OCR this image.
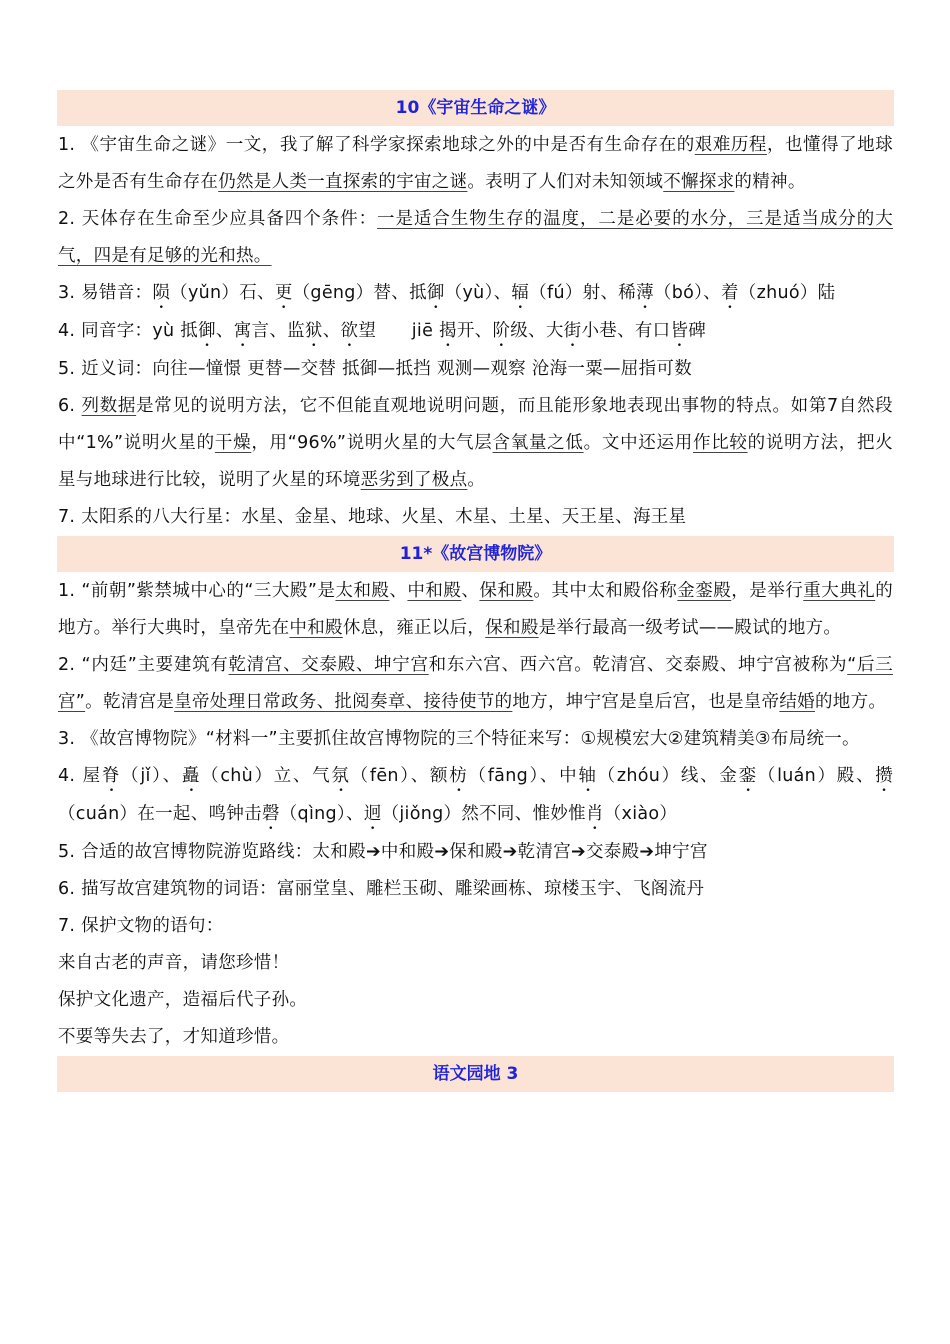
10《宇宙生命之谜》
1. 《宇宙生命之谜》一文，我了解了科学家探索地球之外的中是否有生命存在的艰难历程，也懂得了地球之外是否有生命存在仍然是人类一直探索的宇宙之谜。表明了人们对未知领域不懈探求的精神。
2. 天体存在生命至少应具备四个条件：一是适合生物生存的温度，二是必要的水分，三是适当成分的大气，四是有足够的光和热。
3. 易错音：陨（yǔn）石、更（gēng）替、抵御（yù）、辐（fú）射、稀薄（bó）、着（zhuó）陆
4. 同音字：yù 抵御、寓言、监狱、欲望　　jiē 揭开、阶级、大街小巷、有口皆碑
5. 近义词：向往—憧憬 更替—交替 抵御—抵挡 观测—观察 沧海一粟—屈指可数
6. 列数据是常见的说明方法，它不但能直观地说明问题，而且能形象地表现出事物的特点。如第7自然段中“1%”说明火星的干燥，用“96%”说明火星的大气层含氧量之低。文中还运用作比较的说明方法，把火星与地球进行比较，说明了火星的环境恶劣到了极点。
7. 太阳系的八大行星：水星、金星、地球、火星、木星、土星、天王星、海王星
11*《故宫博物院》
1. “前朝”紫禁城中心的“三大殿”是太和殿、中和殿、保和殿。其中太和殿俗称金銮殿，是举行重大典礼的地方。举行大典时，皇帝先在中和殿休息，雍正以后，保和殿是举行最高一级考试——殿试的地方。
2. “内廷”主要建筑有乾清宫、交泰殿、坤宁宫和东六宫、西六宫。乾清宫、交泰殿、坤宁宫被称为“后三宫”。乾清宫是皇帝处理日常政务、批阅奏章、接待使节的地方，坤宁宫是皇后宫，也是皇帝结婚的地方。
3. 《故宫博物院》“材料一”主要抓住故宫博物院的三个特征来写：①规模宏大②建筑精美③布局统一。
4. 屋脊（jǐ）、矗（chù）立、气氛（fēn）、额枋（fāng）、中轴（zhóu）线、金銮（luán）殿、攒（cuán）在一起、鸣钟击磬（qìng）、迥（jiǒng）然不同、惟妙惟肖（xiào）
5. 合适的故宫博物院游览路线：太和殿➔中和殿➔保和殿➔乾清宫➔交泰殿➔坤宁宫
6. 描写故宫建筑物的词语：富丽堂皇、雕栏玉砌、雕梁画栋、琼楼玉宇、飞阁流丹
7. 保护文物的语句：
来自古老的声音，请您珍惜！
保护文化遗产，造福后代子孙。
不要等失去了，才知道珍惜。
语文园地 3
